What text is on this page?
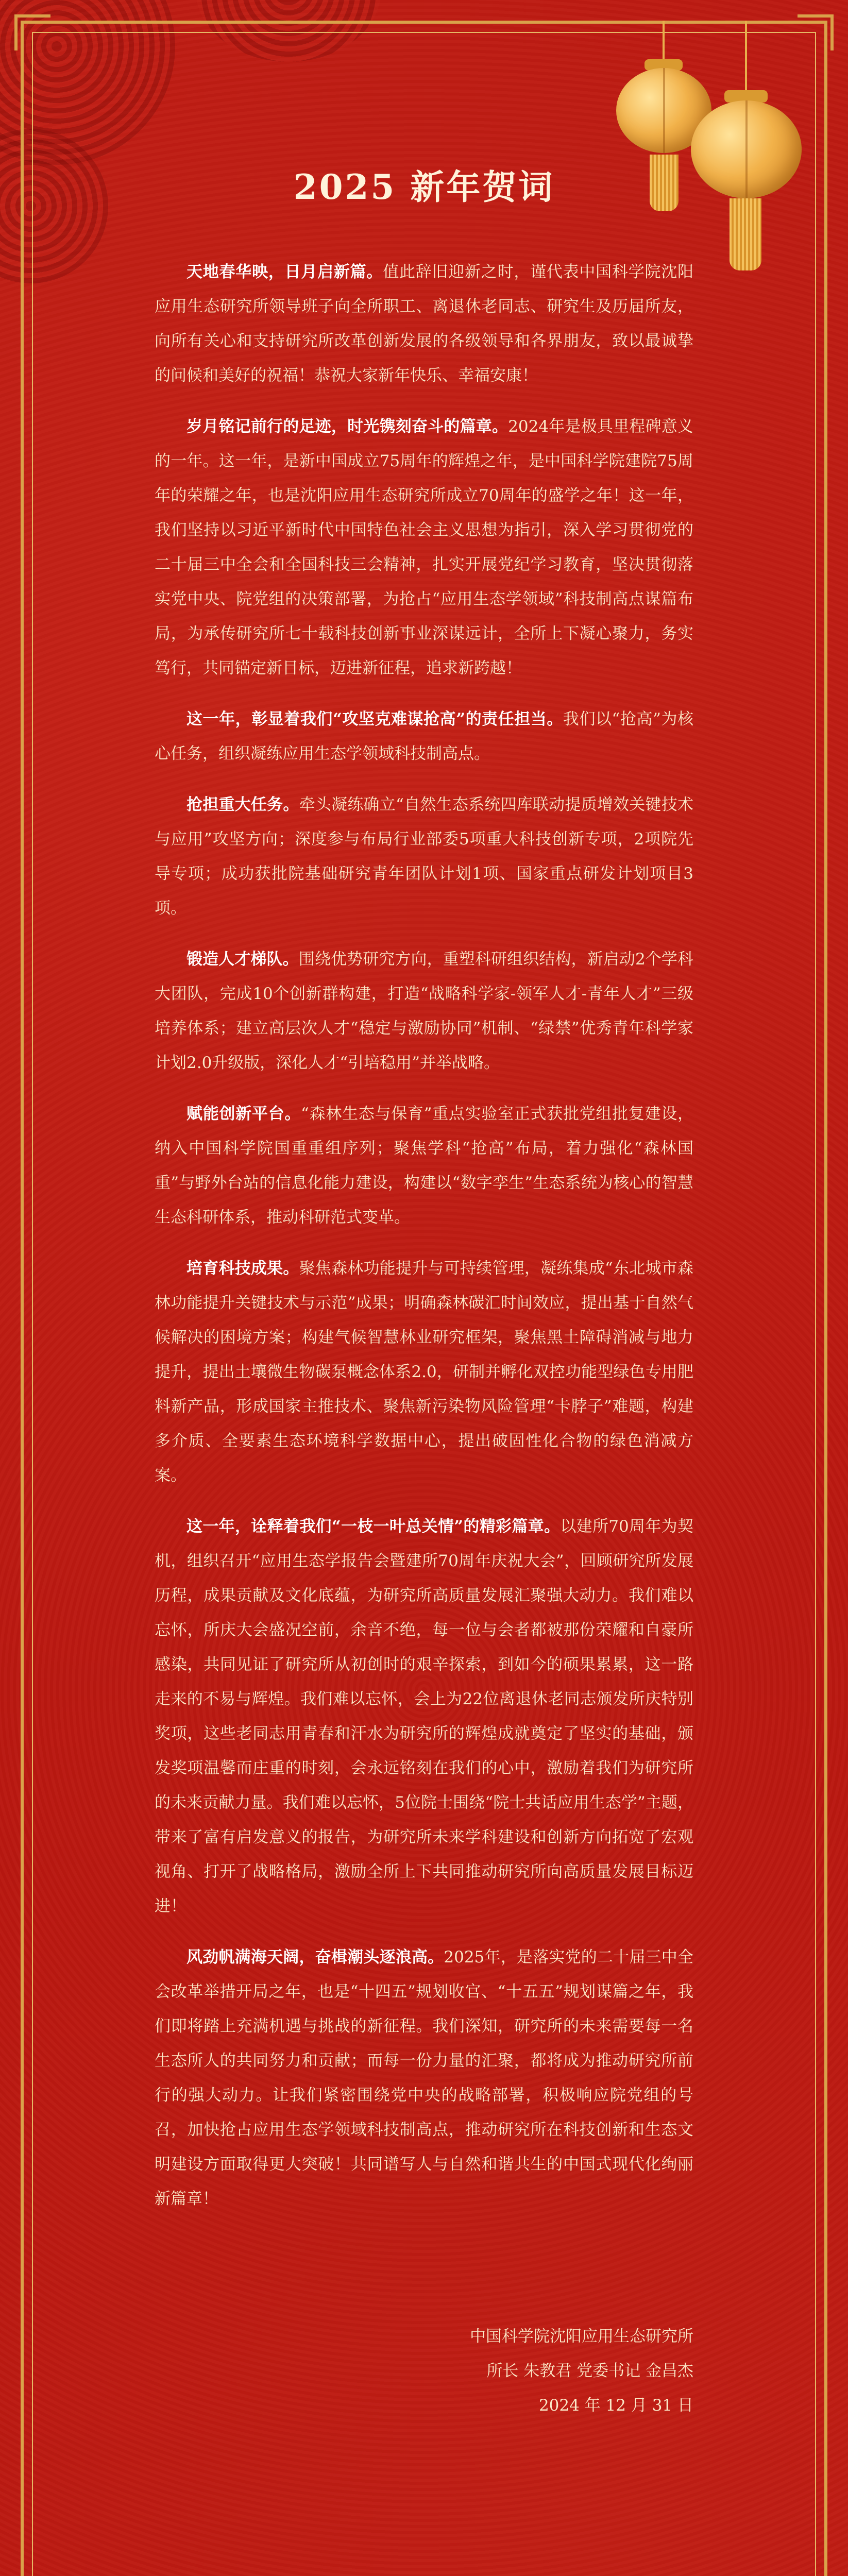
2025 新年贺词

天地春华映，日月启新篇。值此辞旧迎新之时，谨代表中国科学院沈阳应用生态研究所领导班子向全所职工、离退休老同志、研究生及历届所友，向所有关心和支持研究所改革创新发展的各级领导和各界朋友，致以最诚挚的问候和美好的祝福！恭祝大家新年快乐、幸福安康！

岁月铭记前行的足迹，时光镌刻奋斗的篇章。2024年是极具里程碑意义的一年。这一年，是新中国成立75周年的辉煌之年，是中国科学院建院75周年的荣耀之年，也是沈阳应用生态研究所成立70周年的盛学之年！这一年，我们坚持以习近平新时代中国特色社会主义思想为指引，深入学习贯彻党的二十届三中全会和全国科技三会精神，扎实开展党纪学习教育，坚决贯彻落实党中央、院党组的决策部署，为抢占“应用生态学领域”科技制高点谋篇布局，为承传研究所七十载科技创新事业深谋远计，全所上下凝心聚力，务实笃行，共同锚定新目标，迈进新征程，追求新跨越！

这一年，彰显着我们“攻坚克难谋抢高”的责任担当。我们以“抢高”为核心任务，组织凝练应用生态学领域科技制高点。

抢担重大任务。牵头凝练确立“自然生态系统四库联动提质增效关键技术与应用”攻坚方向；深度参与布局行业部委5项重大科技创新专项，2项院先导专项；成功获批院基础研究青年团队计划1项、国家重点研发计划项目3项。

锻造人才梯队。围绕优势研究方向，重塑科研组织结构，新启动2个学科大团队，完成10个创新群构建，打造“战略科学家-领军人才-青年人才”三级培养体系；建立高层次人才“稳定与激励协同”机制、“绿禁”优秀青年科学家计划2.0升级版，深化人才“引培稳用”并举战略。

赋能创新平台。“森林生态与保育”重点实验室正式获批党组批复建设，纳入中国科学院国重重组序列；聚焦学科“抢高”布局，着力强化“森林国重”与野外台站的信息化能力建设，构建以“数字孪生”生态系统为核心的智慧生态科研体系，推动科研范式变革。

培育科技成果。聚焦森林功能提升与可持续管理，凝练集成“东北城市森林功能提升关键技术与示范”成果；明确森林碳汇时间效应，提出基于自然气候解决的困境方案；构建气候智慧林业研究框架，聚焦黑土障碍消减与地力提升，提出土壤微生物碳泵概念体系2.0，研制并孵化双控功能型绿色专用肥料新产品，形成国家主推技术、聚焦新污染物风险管理“卡脖子”难题，构建多介质、全要素生态环境科学数据中心，提出破固性化合物的绿色消减方案。

这一年，诠释着我们“一枝一叶总关情”的精彩篇章。以建所70周年为契机，组织召开“应用生态学报告会暨建所70周年庆祝大会”，回顾研究所发展历程，成果贡献及文化底蕴，为研究所高质量发展汇聚强大动力。我们难以忘怀，所庆大会盛况空前，余音不绝，每一位与会者都被那份荣耀和自豪所感染，共同见证了研究所从初创时的艰辛探索，到如今的硕果累累，这一路走来的不易与辉煌。我们难以忘怀，会上为22位离退休老同志颁发所庆特别奖项，这些老同志用青春和汗水为研究所的辉煌成就奠定了坚实的基础，颁发奖项温馨而庄重的时刻，会永远铭刻在我们的心中，激励着我们为研究所的未来贡献力量。我们难以忘怀，5位院士围绕“院士共话应用生态学”主题，带来了富有启发意义的报告，为研究所未来学科建设和创新方向拓宽了宏观视角、打开了战略格局，激励全所上下共同推动研究所向高质量发展目标迈进！

风劲帆满海天阔，奋楫潮头逐浪高。2025年，是落实党的二十届三中全会改革举措开局之年，也是“十四五”规划收官、“十五五”规划谋篇之年，我们即将踏上充满机遇与挑战的新征程。我们深知，研究所的未来需要每一名生态所人的共同努力和贡献；而每一份力量的汇聚，都将成为推动研究所前行的强大动力。让我们紧密围绕党中央的战略部署，积极响应院党组的号召，加快抢占应用生态学领域科技制高点，推动研究所在科技创新和生态文明建设方面取得更大突破！共同谱写人与自然和谐共生的中国式现代化绚丽新篇章！

中国科学院沈阳应用生态研究所
所长 朱教君 党委书记 金昌杰
2024 年 12 月 31 日
